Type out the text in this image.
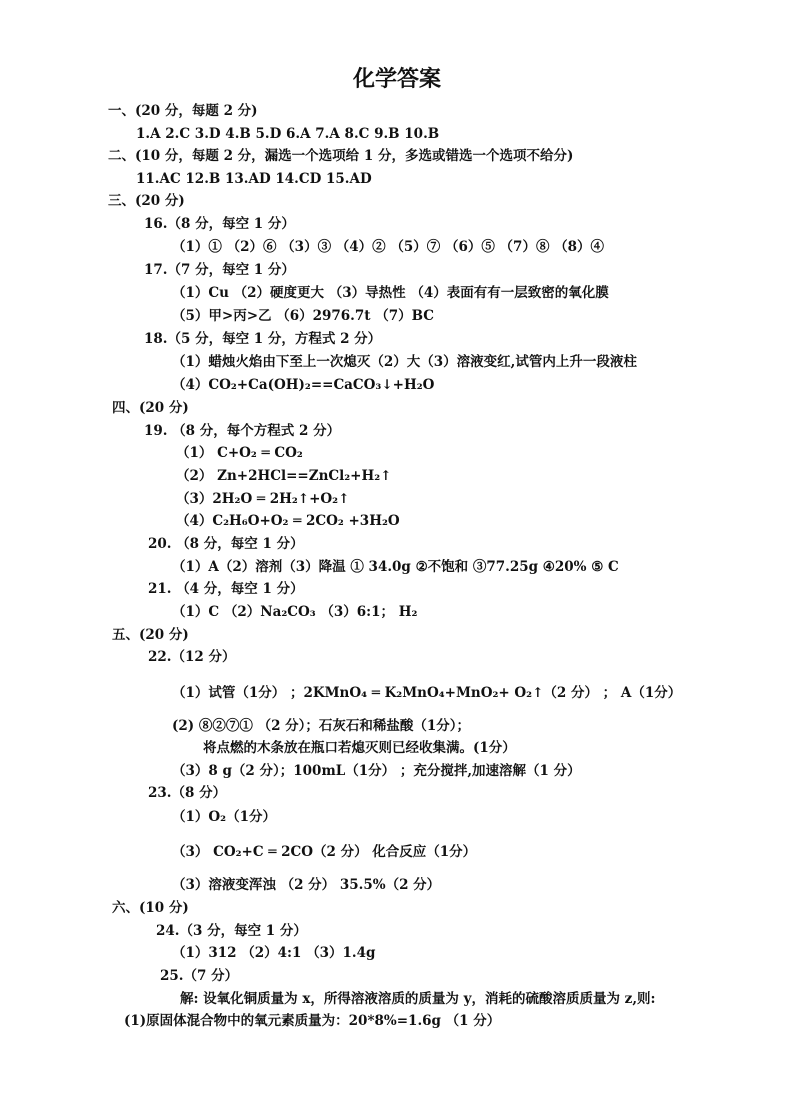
化学答案
一、(20 分，每题 2 分)
1.A 2.C 3.D 4.B 5.D 6.A 7.A 8.C 9.B 10.B
二、(10 分，每题 2 分，漏选一个选项给 1 分，多选或错选一个选项不给分)
11.AC 12.B 13.AD 14.CD 15.AD
三、(20 分)
16.（8 分，每空 1 分）
（1）① （2）⑥ （3）③ （4）② （5）⑦ （6）⑤ （7）⑧ （8）④
17.（7 分，每空 1 分）
（1）Cu （2）硬度更大 （3）导热性 （4）表面有有一层致密的氧化膜
（5）甲>丙>乙 （6）2976.7t （7）BC
18.（5 分，每空 1 分，方程式 2 分）
（1）蜡烛火焰由下至上一次熄灭（2）大（3）溶液变红,试管内上升一段液柱
（4）CO₂+Ca(OH)₂==CaCO₃↓+H₂O
四、(20 分)
19. （8 分，每个方程式 2 分）
（1） C+O₂ ═ CO₂
（2） Zn+2HCl==ZnCl₂+H₂↑
（3）2H₂O ═ 2H₂↑+O₂↑
（4）C₂H₆O+O₂ ═ 2CO₂ +3H₂O
20. （8 分，每空 1 分）
（1）A（2）溶剂（3）降温 ① 34.0g ②不饱和 ③77.25g ④20% ⑤ C
21. （4 分，每空 1 分）
（1）C （2）Na₂CO₃ （3）6:1； H₂
五、(20 分)
22.（12 分）
（1）试管（1分） ；2KMnO₄ ═ K₂MnO₄+MnO₂+ O₂↑（2 分） ； A（1分）
(2) ⑧②⑦① （2 分）；石灰石和稀盐酸（1分）；
将点燃的木条放在瓶口若熄灭则已经收集满。(1分）
（3）8 g（2 分）；100mL（1分） ；充分搅拌,加速溶解（1 分）
23.（8 分）
（1）O₂（1分）
（3） CO₂+C ═ 2CO（2 分） 化合反应（1分）
（3）溶液变浑浊 （2 分） 35.5%（2 分）
六、(10 分)
24.（3 分，每空 1 分）
（1）312 （2）4:1 （3）1.4g
25.（7 分）
解: 设氧化铜质量为 x，所得溶液溶质的质量为 y，消耗的硫酸溶质质量为 z,则:
(1)原固体混合物中的氧元素质量为：20*8%=1.6g （1 分）
